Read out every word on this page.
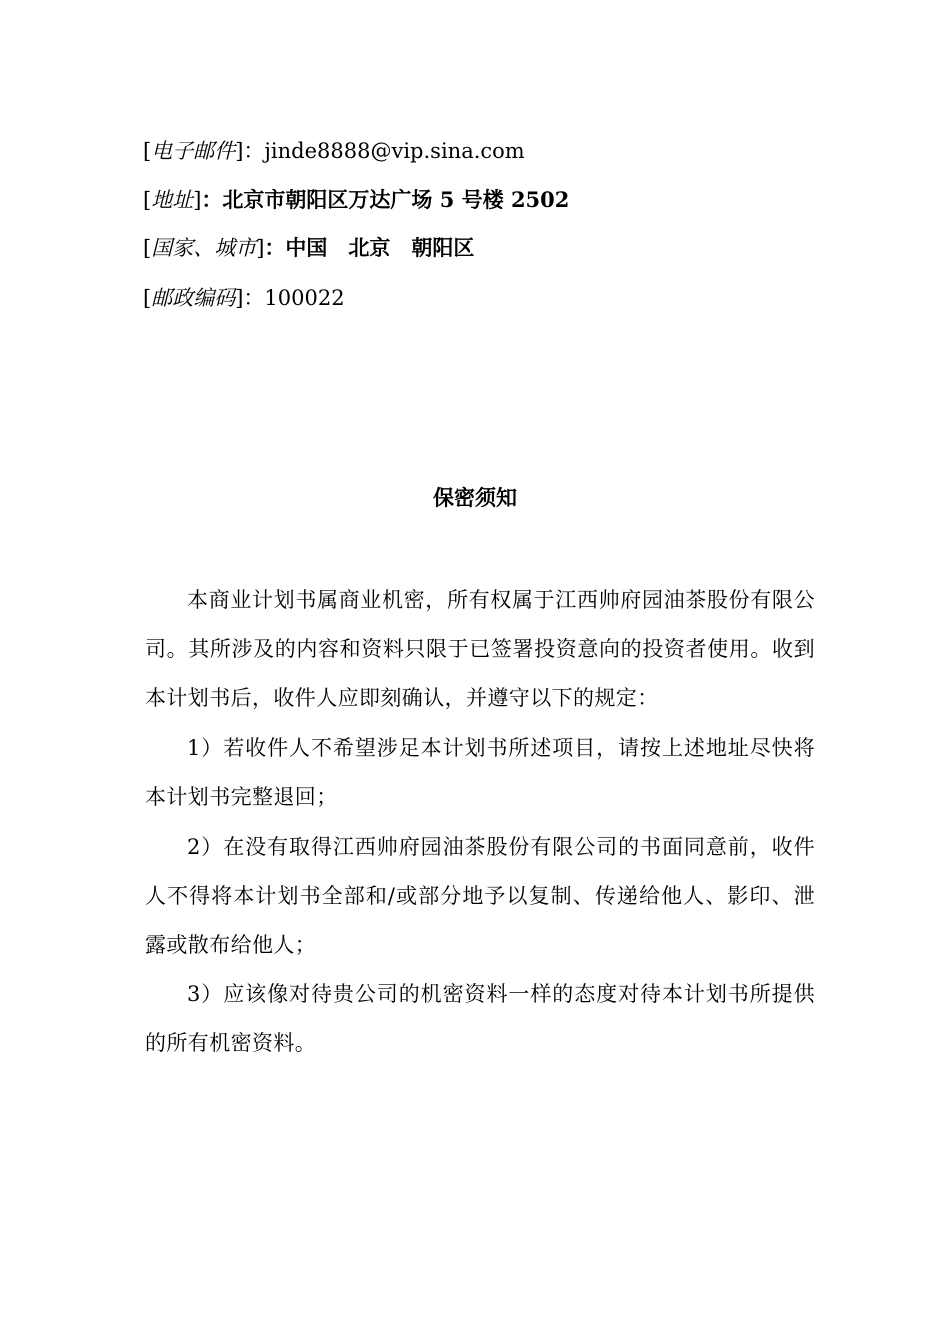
[电子邮件]：jinde8888@vip.sina.com
[地址]：北京市朝阳区万达广场 5 号楼 2502
[国家、城市]：中国　北京　朝阳区
[邮政编码]：100022
保密须知

本商业计划书属商业机密，所有权属于江西帅府园油茶股份有限公司。其所涉及的内容和资料只限于已签署投资意向的投资者使用。收到本计划书后，收件人应即刻确认，并遵守以下的规定：

1）若收件人不希望涉足本计划书所述项目，请按上述地址尽快将本计划书完整退回；

2）在没有取得江西帅府园油茶股份有限公司的书面同意前，收件人不得将本计划书全部和/或部分地予以复制、传递给他人、影印、泄露或散布给他人；

3）应该像对待贵公司的机密资料一样的态度对待本计划书所提供的所有机密资料。
